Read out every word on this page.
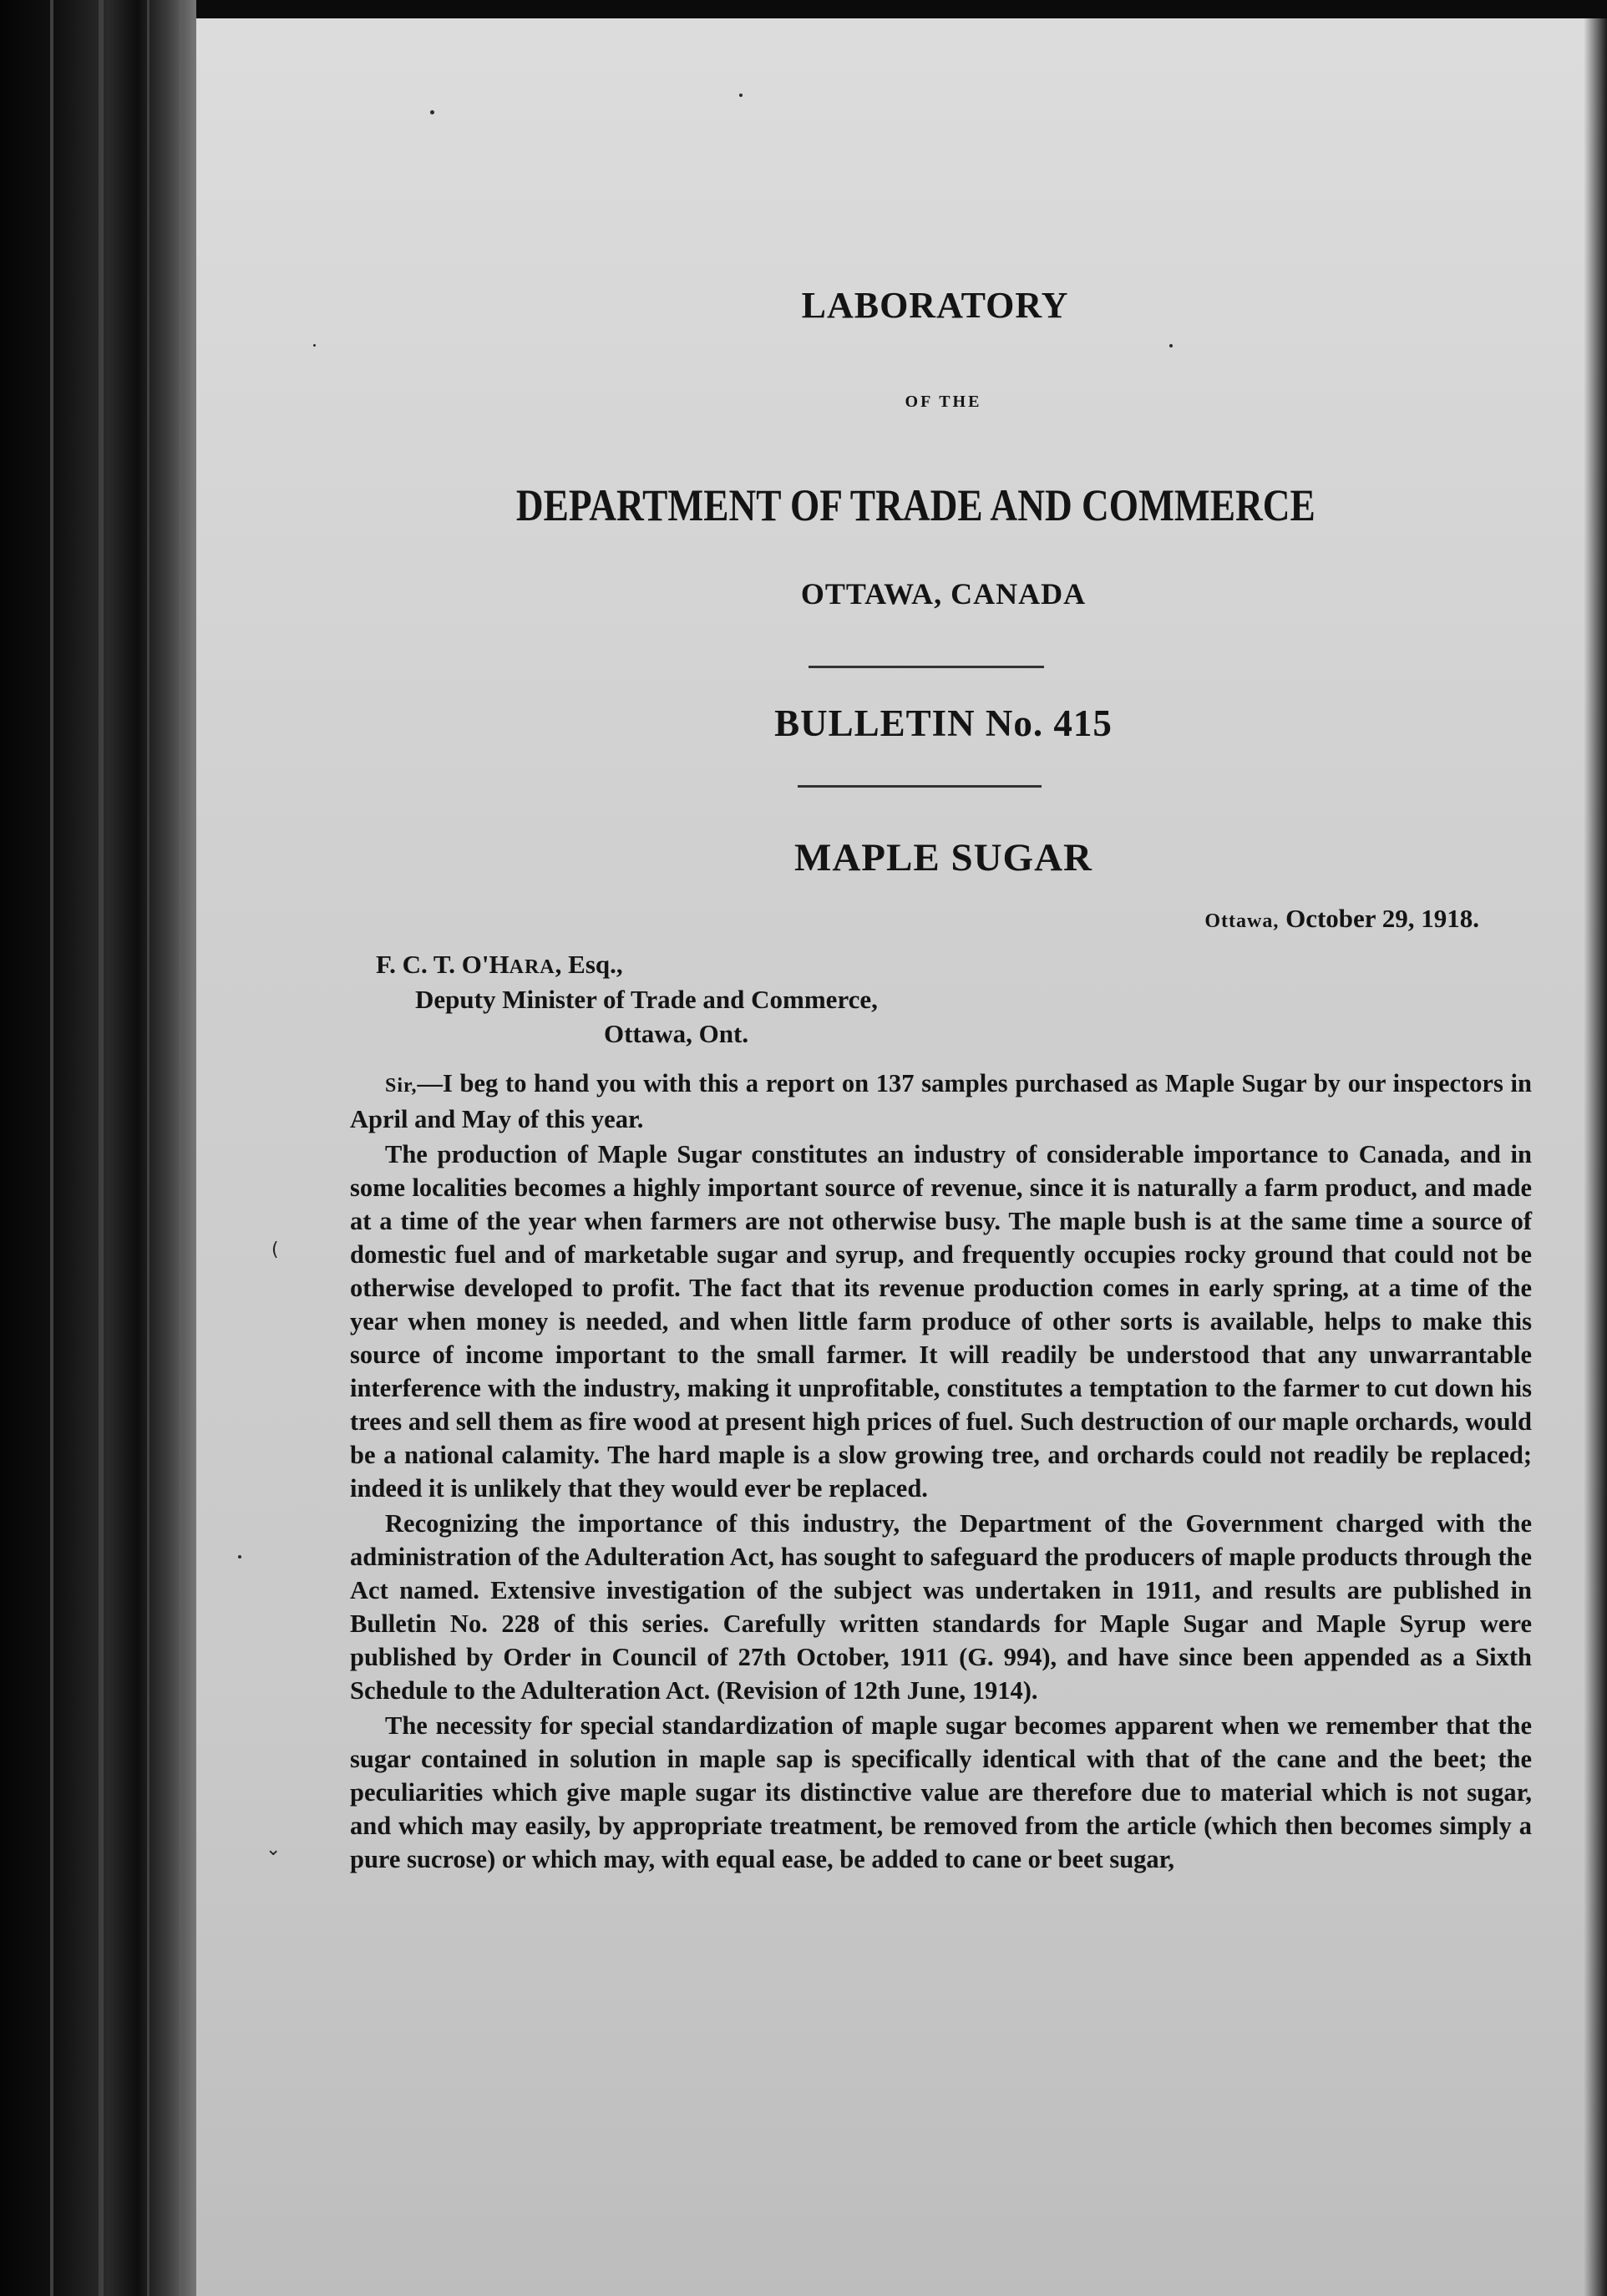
LABORATORY
OF THE
DEPARTMENT OF TRADE AND COMMERCE
OTTAWA, CANADA
BULLETIN No. 415
MAPLE SUGAR
Ottawa, October 29, 1918.
F. C. T. O'HARA, Esq.,
Deputy Minister of Trade and Commerce,
Ottawa, Ont.

Sir,—I beg to hand you with this a report on 137 samples purchased as Maple Sugar by our inspectors in April and May of this year.

The production of Maple Sugar constitutes an industry of considerable importance to Canada, and in some localities becomes a highly important source of revenue, since it is naturally a farm product, and made at a time of the year when farmers are not otherwise busy. The maple bush is at the same time a source of domestic fuel and of marketable sugar and syrup, and frequently occupies rocky ground that could not be otherwise developed to profit. The fact that its revenue production comes in early spring, at a time of the year when money is needed, and when little farm produce of other sorts is available, helps to make this source of income important to the small farmer. It will readily be understood that any unwarrantable interference with the industry, making it unprofitable, constitutes a temptation to the farmer to cut down his trees and sell them as fire wood at present high prices of fuel. Such destruction of our maple orchards, would be a national calamity. The hard maple is a slow growing tree, and orchards could not readily be replaced; indeed it is unlikely that they would ever be replaced.

Recognizing the importance of this industry, the Department of the Government charged with the administration of the Adulteration Act, has sought to safeguard the producers of maple products through the Act named. Extensive investigation of the subject was undertaken in 1911, and results are published in Bulletin No. 228 of this series. Carefully written standards for Maple Sugar and Maple Syrup were published by Order in Council of 27th October, 1911 (G. 994), and have since been appended as a Sixth Schedule to the Adulteration Act. (Revision of 12th June, 1914).

The necessity for special standardization of maple sugar becomes apparent when we remember that the sugar contained in solution in maple sap is specifically identical with that of the cane and the beet; the peculiarities which give maple sugar its distinctive value are therefore due to material which is not sugar, and which may easily, by appropriate treatment, be removed from the article (which then becomes simply a pure sucrose) or which may, with equal ease, be added to cane or beet sugar,

(
⌄
